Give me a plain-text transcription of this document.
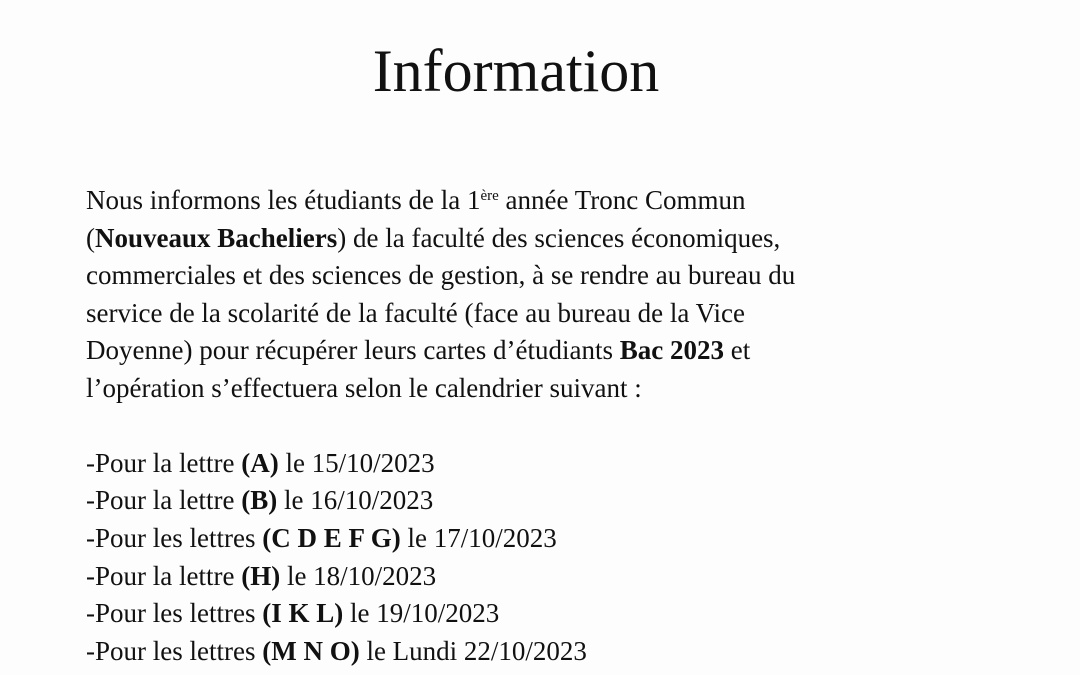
Information
Nous informons les étudiants de la 1ère année Tronc Commun
(Nouveaux Bacheliers) de la faculté des sciences économiques,
commerciales et des sciences de gestion, à se rendre au bureau du
service de la scolarité de la faculté (face au bureau de la Vice
Doyenne) pour récupérer leurs cartes d’étudiants Bac 2023 et
l’opération s’effectuera selon le calendrier suivant :
-Pour la lettre (A) le 15/10/2023
-Pour la lettre (B) le 16/10/2023
-Pour les lettres (C D E F G) le 17/10/2023
-Pour la lettre (H) le 18/10/2023
-Pour les lettres (I K L) le 19/10/2023
-Pour les lettres (M N O) le Lundi 22/10/2023
